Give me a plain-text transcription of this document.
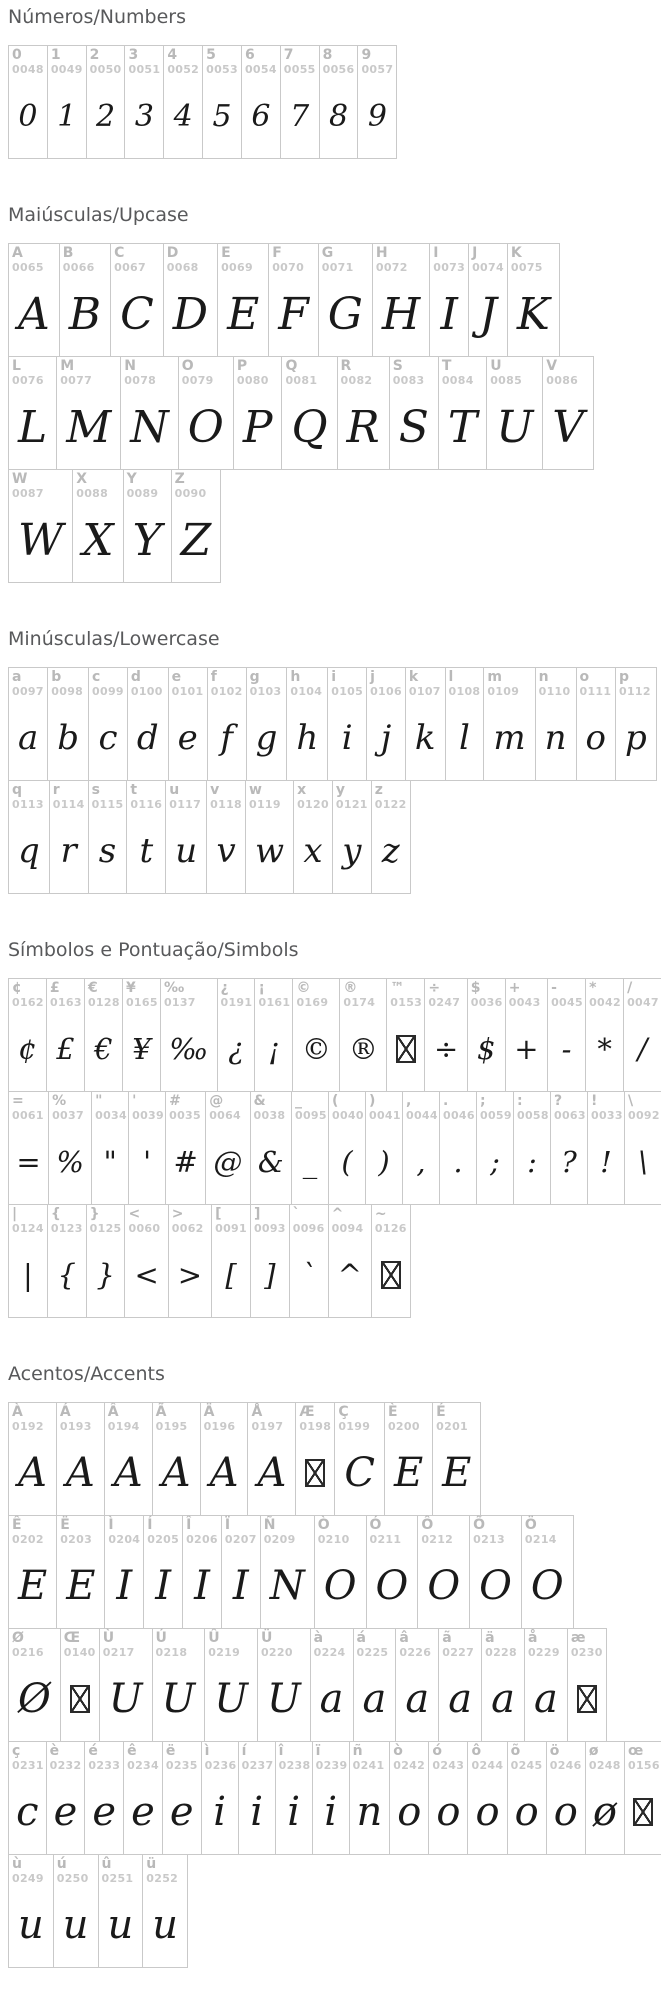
Números/Numbers
0
0048
0
1
0049
1
2
0050
2
3
0051
3
4
0052
4
5
0053
5
6
0054
6
7
0055
7
8
0056
8
9
0057
9
Maiúsculas/Upcase
A
0065
A
B
0066
B
C
0067
C
D
0068
D
E
0069
E
F
0070
F
G
0071
G
H
0072
H
I
0073
I
J
0074
J
K
0075
K
L
0076
L
M
0077
M
N
0078
N
O
0079
O
P
0080
P
Q
0081
Q
R
0082
R
S
0083
S
T
0084
T
U
0085
U
V
0086
V
W
0087
W
X
0088
X
Y
0089
Y
Z
0090
Z
Minúsculas/Lowercase
a
0097
a
b
0098
b
c
0099
c
d
0100
d
e
0101
e
f
0102
f
g
0103
g
h
0104
h
i
0105
i
j
0106
j
k
0107
k
l
0108
l
m
0109
m
n
0110
n
o
0111
o
p
0112
p
q
0113
q
r
0114
r
s
0115
s
t
0116
t
u
0117
u
v
0118
v
w
0119
w
x
0120
x
y
0121
y
z
0122
z
Símbolos e Pontuação/Simbols
¢
0162
¢
£
0163
£
€
0128
€
¥
0165
¥
‰
0137
‰
¿
0191
¿
¡
0161
¡
©
0169
©
®
0174
®
™
0153
÷
0247
÷
$
0036
$
+
0043
+
-
0045
-
*
0042
*
/
0047
/
=
0061
=
%
0037
%
"
0034
"
'
0039
'
#
0035
#
@
0064
@
&
0038
&
_
0095
_
(
0040
(
)
0041
)
,
0044
,
.
0046
.
;
0059
;
:
0058
:
?
0063
?
!
0033
!
\
0092
\
|
0124
|
{
0123
{
}
0125
}
<
0060
<
>
0062
>
[
0091
[
]
0093
]
`
0096
`
^
0094
^
~
0126
Acentos/Accents
À
0192
A
Á
0193
A
Â
0194
A
Ã
0195
A
Ä
0196
A
Å
0197
A
Æ
0198
Ç
0199
C
È
0200
E
É
0201
E
Ê
0202
E
Ë
0203
E
Ì
0204
I
Í
0205
I
Î
0206
I
Ï
0207
I
Ñ
0209
N
Ò
0210
O
Ó
0211
O
Ô
0212
O
Õ
0213
O
Ö
0214
O
Ø
0216
Ø
Œ
0140
Ù
0217
U
Ú
0218
U
Û
0219
U
Ü
0220
U
à
0224
a
á
0225
a
â
0226
a
ã
0227
a
ä
0228
a
å
0229
a
æ
0230
ç
0231
c
è
0232
e
é
0233
e
ê
0234
e
ë
0235
e
ì
0236
i
í
0237
i
î
0238
i
ï
0239
i
ñ
0241
n
ò
0242
o
ó
0243
o
ô
0244
o
õ
0245
o
ö
0246
o
ø
0248
ø
œ
0156
ù
0249
u
ú
0250
u
û
0251
u
ü
0252
u
